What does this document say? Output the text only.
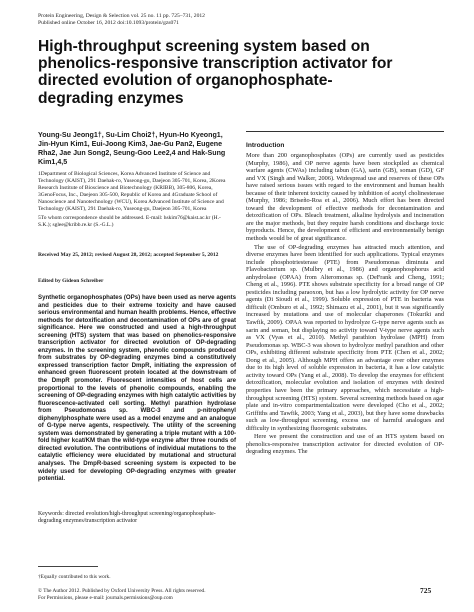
Protein Engineering, Design & Selection vol. 25 no. 11 pp. 725–731, 2012
Published online October 16, 2012 doi:10.1093/protein/gzs071
High-throughput screening system based on phenolics-responsive transcription activator for directed evolution of organophosphate-degrading enzymes
Young-Su Jeong1†, Su-Lim Choi2†, Hyun-Ho Kyeong1, Jin-Hyun Kim1, Eui-Joong Kim3, Jae-Gu Pan2, Eugene Rha2, Jae Jun Song2, Seung-Goo Lee2,4 and Hak-Sung Kim1,4,5
1Department of Biological Sciences, Korea Advanced Institute of Science and Technology (KAIST), 291 Daehak-ro, Yuseong-gu, Daejeon 305-701, Korea, 2Korea Research Institute of Bioscience and Biotechnology (KRIBB), 305-806, Korea, 3GenoFocus, Inc., Daejeon 305-500, Republic of Korea and 4Graduate School of Nanoscience and Nanotechnology (WCU), Korea Advanced Institute of Science and Technology (KAIST), 291 Daehak-ro, Yuseong-gu, Daejeon 305-701, Korea
5To whom correspondence should be addressed. E-mail: hskim76@kaist.ac.kr (H.-S.K.); sglee@kribb.re.kr (S.-G.L.)
Received May 25, 2012; revised August 28, 2012; accepted September 5, 2012
Edited by Gideon Schreiber
Synthetic organophosphates (OPs) have been used as nerve agents and pesticides due to their extreme toxicity and have caused serious environmental and human health problems. Hence, effective methods for detoxification and decontamination of OPs are of great significance. Here we constructed and used a high-throughput screening (HTS) system that was based on phenolics-responsive transcription activator for directed evolution of OP-degrading enzymes. In the screening system, phenolic compounds produced from substrates by OP-degrading enzymes bind a constitutively expressed transcription factor DmpR, initiating the expression of enhanced green fluorescent protein located at the downstream of the DmpR promoter. Fluorescent intensities of host cells are proportional to the levels of phenolic compounds, enabling the screening of OP-degrading enzymes with high catalytic activities by fluorescence-activated cell sorting. Methyl parathion hydrolase from Pseudomonas sp. WBC-3 and p-nitrophenyl diphenylphosphate were used as a model enzyme and an analogue of G-type nerve agents, respectively. The utility of the screening system was demonstrated by generating a triple mutant with a 100-fold higher kcat/KM than the wild-type enzyme after three rounds of directed evolution. The contributions of individual mutations to the catalytic efficiency were elucidated by mutational and structural analyses. The DmpR-based screening system is expected to be widely used for developing OP-degrading enzymes with greater potential.
Keywords: directed evolution/high-throughput screening/organophosphate-degrading enzymes/transcription activator
†Equally contributed to this work.
© The Author 2012. Published by Oxford University Press. All rights reserved.
For Permissions, please e-mail: journals.permissions@oup.com
725
Introduction

More than 200 organophosphates (OPs) are currently used as pesticides (Murphy, 1986), and OP nerve agents have been stockpiled as chemical warfare agents (CWAs) including tabun (GA), sarin (GB), soman (GD), GF and VX (Singh and Walker, 2006). Widespread use and reserves of these OPs have raised serious issues with regard to the environment and human health because of their inherent toxicity caused by inhibition of acetyl cholinesterase (Murphy, 1986; Briseño-Roa et al., 2006). Much effort has been directed toward the development of effective methods for decontamination and detoxification of OPs. Bleach treatment, alkaline hydrolysis and incineration are the major methods, but they require harsh conditions and discharge toxic byproducts. Hence, the development of efficient and environmentally benign methods would be of great significance.

The use of OP-degrading enzymes has attracted much attention, and diverse enzymes have been identified for such applications. Typical enzymes include phosphotriesterase (PTE) from Pseudomonas diminuta and Flavobacterium sp. (Mulbry et al., 1986) and organophosphorus acid anhydrolase (OPAA) from Alteromonas sp. (DeFrank and Cheng, 1991; Cheng et al., 1996). PTE shows substrate specificity for a broad range of OP pesticides including paraoxon, but has a low hydrolytic activity for OP nerve agents (Di Sioudi et al., 1999). Soluble expression of PTE in bacteria was difficult (Omburo et al., 1992; Shimazu et al., 2001), but it was significantly increased by mutations and use of molecular chaperones (Tokuriki and Tawfik, 2009). OPAA was reported to hydrolyze G-type nerve agents such as sarin and soman, but displaying no activity toward V-type nerve agents such as VX (Vyas et al., 2010). Methyl parathion hydrolase (MPH) from Pseudomonas sp. WBC-3 was shown to hydrolyze methyl parathion and other OPs, exhibiting different substrate specificity from PTE (Chen et al., 2002; Dong et al., 2005). Although MPH offers an advantage over other enzymes due to its high level of soluble expression in bacteria, it has a low catalytic activity toward OPs (Yang et al., 2008). To develop the enzymes for efficient detoxification, molecular evolution and isolation of enzymes with desired properties have been the primary approaches, which necessitate a high-throughput screening (HTS) system. Several screening methods based on agar plate and in-vitro compartmentalization were developed (Cho et al., 2002; Griffiths and Tawfik, 2003; Yang et al., 2003), but they have some drawbacks such as low-throughput screening, excess use of harmful analogues and difficulty in synthesizing fluorogenic substrates.

Here we present the construction and use of an HTS system based on phenolics-responsive transcription activator for directed evolution of OP-degrading enzymes. The
